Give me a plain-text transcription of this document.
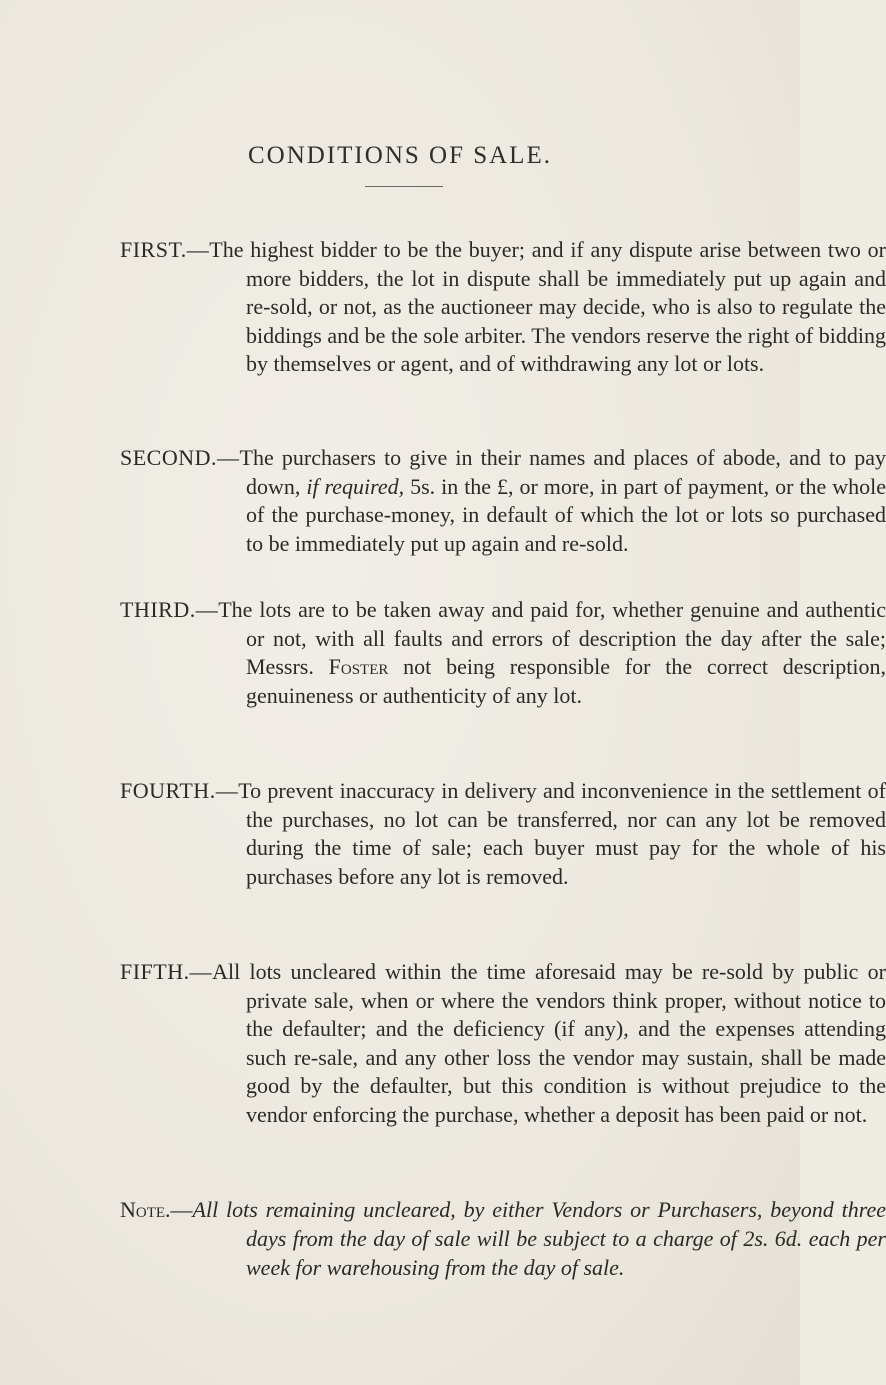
CONDITIONS OF SALE.
FIRST.—The highest bidder to be the buyer; and if any dispute arise between two or more bidders, the lot in dispute shall be immediately put up again and re-sold, or not, as the auctioneer may decide, who is also to regulate the biddings and be the sole arbiter. The vendors reserve the right of bidding by themselves or agent, and of withdrawing any lot or lots.
SECOND.—The purchasers to give in their names and places of abode, and to pay down, if required, 5s. in the £, or more, in part of payment, or the whole of the purchase-money, in default of which the lot or lots so purchased to be immediately put up again and re-sold.
THIRD.—The lots are to be taken away and paid for, whether genuine and authentic or not, with all faults and errors of description the day after the sale; Messrs. Foster not being responsible for the correct description, genuineness or authenticity of any lot.
FOURTH.—To prevent inaccuracy in delivery and inconvenience in the settlement of the purchases, no lot can be transferred, nor can any lot be removed during the time of sale; each buyer must pay for the whole of his purchases before any lot is removed.
FIFTH.—All lots uncleared within the time aforesaid may be re-sold by public or private sale, when or where the vendors think proper, without notice to the defaulter; and the deficiency (if any), and the expenses attending such re-sale, and any other loss the vendor may sustain, shall be made good by the defaulter, but this condition is without prejudice to the vendor enforcing the purchase, whether a deposit has been paid or not.
Note.—All lots remaining uncleared, by either Vendors or Purchasers, beyond three days from the day of sale will be subject to a charge of 2s. 6d. each per week for warehousing from the day of sale.
